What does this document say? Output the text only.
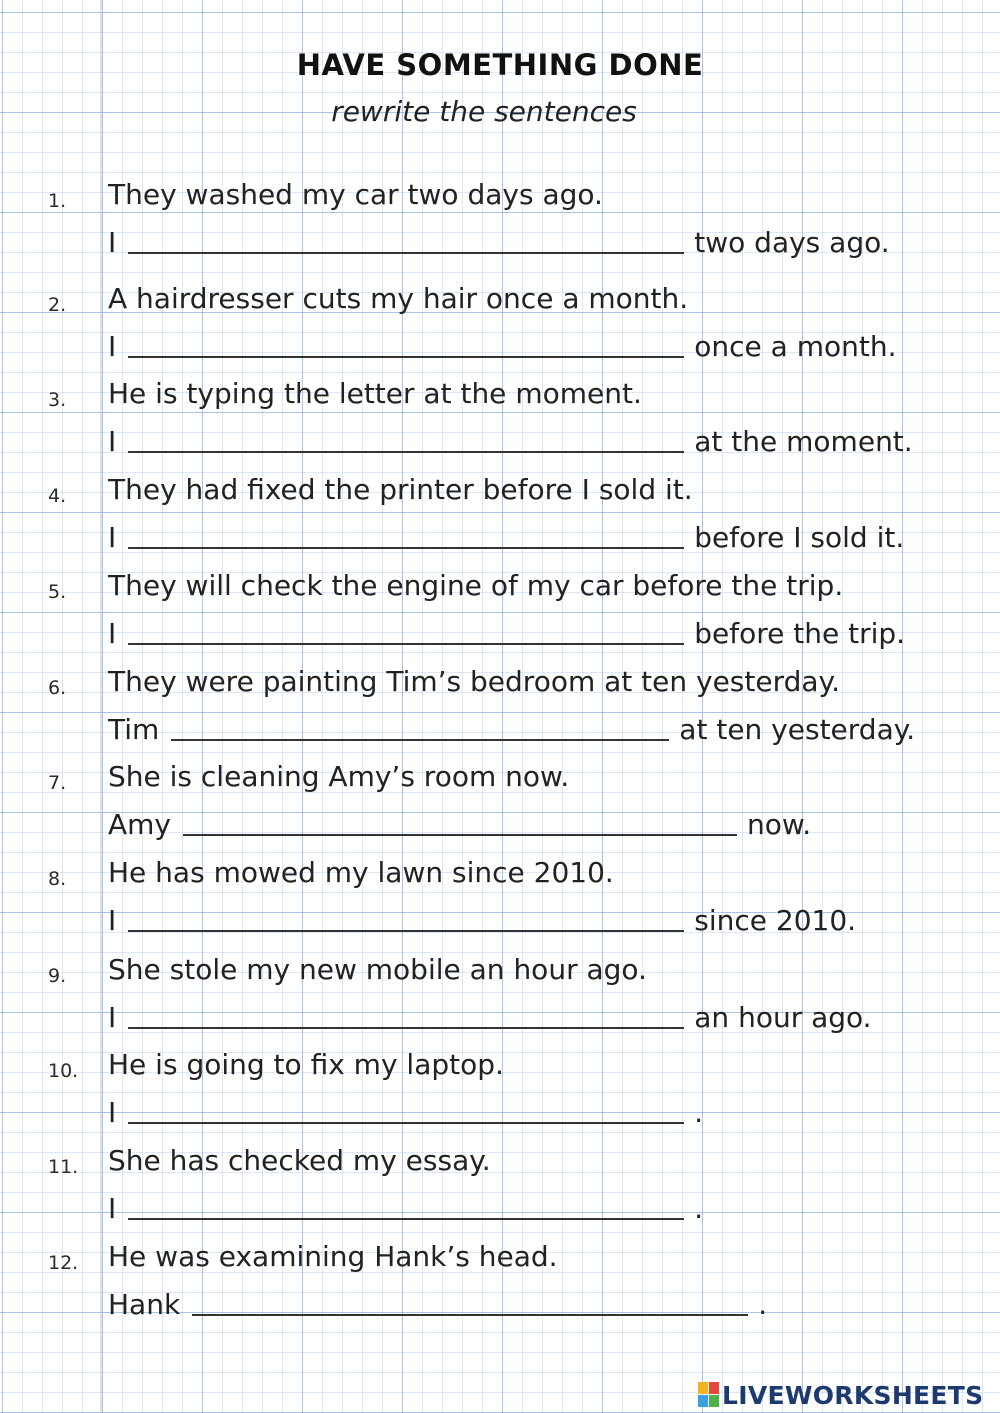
HAVE SOMETHING DONE
rewrite the sentences
1. They washed my car two days ago.
I	two days ago.
2. A hairdresser cuts my hair once a month.
I	once a month.
3. He is typing the letter at the moment.
I	at the moment.
4. They had fixed the printer before I sold it.
I	before I sold it.
5. They will check the engine of my car before the trip.
I	before the trip.
6. They were painting Tim’s bedroom at ten yesterday.
Tim	at ten yesterday.
7. She is cleaning Amy’s room now.
Amy	now.
8. He has mowed my lawn since 2010.
I	since 2010.
9. She stole my new mobile an hour ago.
I	an hour ago.
10. He is going to fix my laptop.
I	.
11. She has checked my essay.
I	.
12. He was examining Hank’s head.
Hank	.
LIVEWORKSHEETS
